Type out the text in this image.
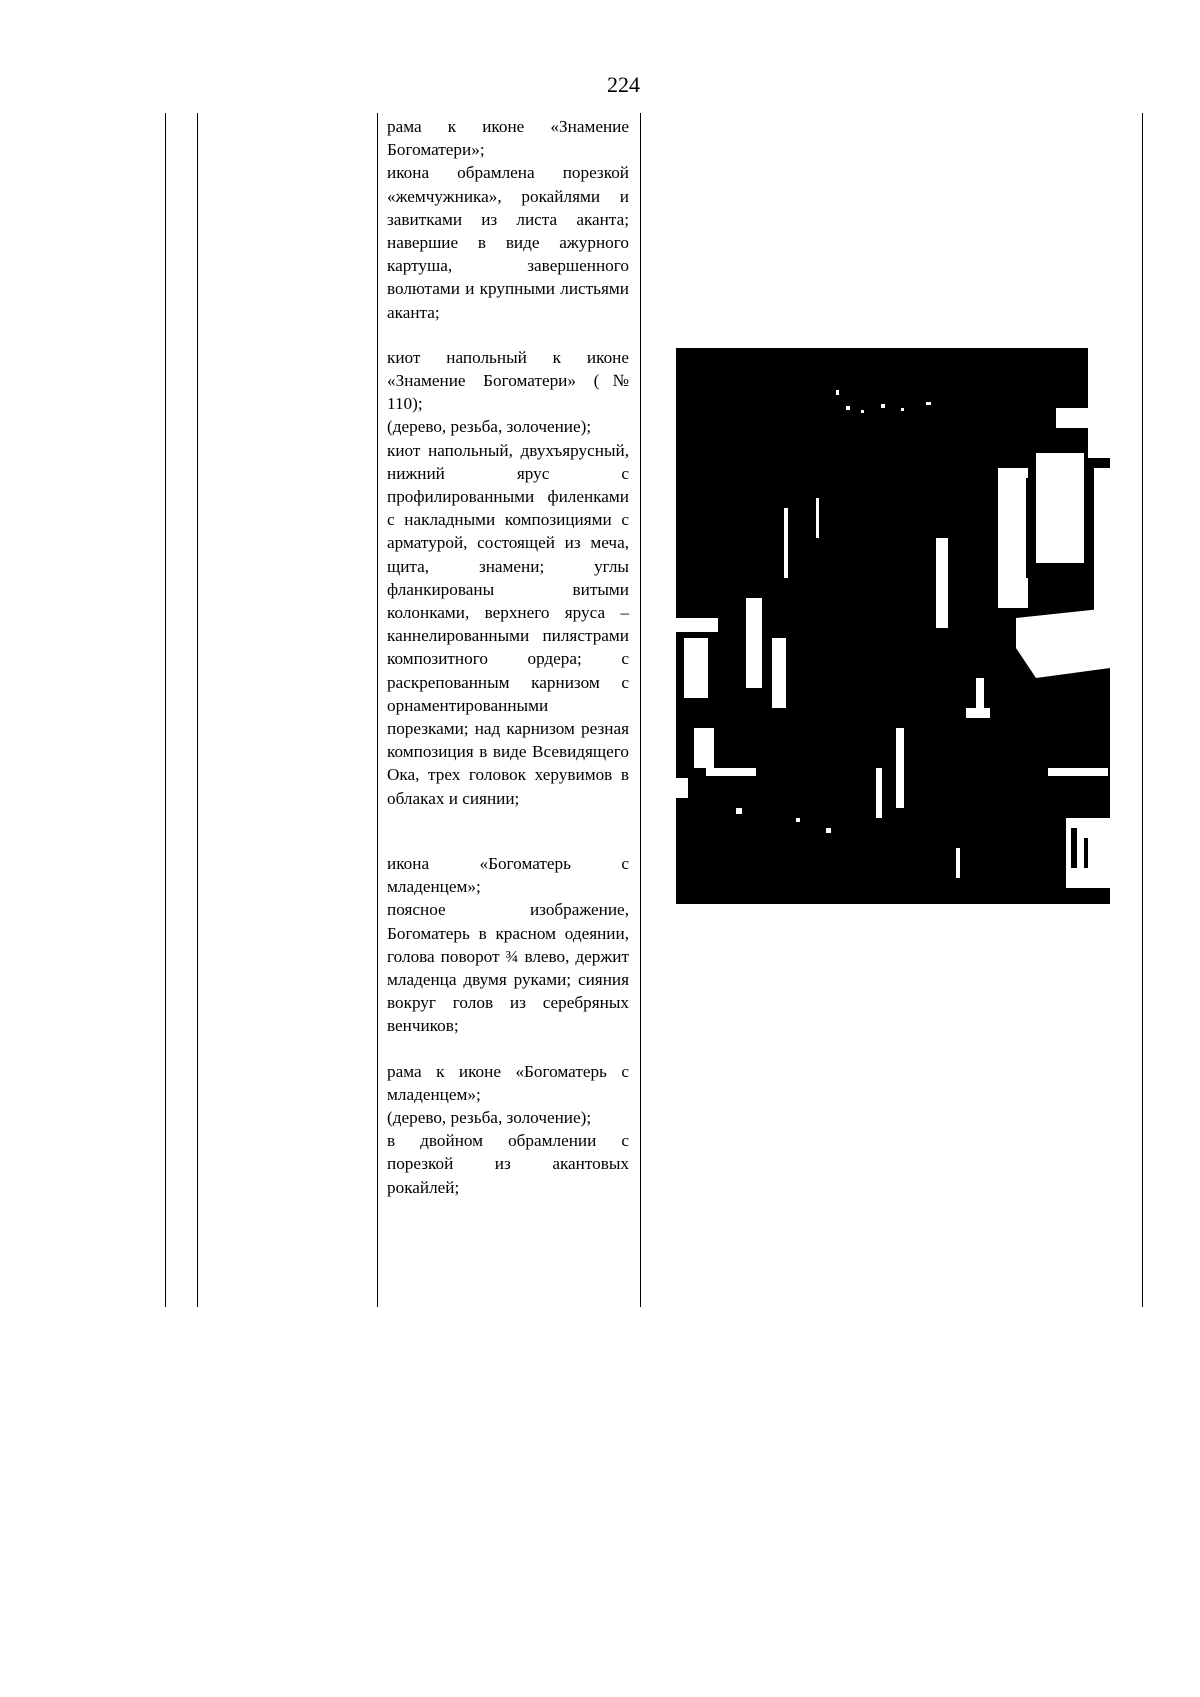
224

рама к иконе «Знамение Богоматери»;

икона обрамлена порезкой «жемчужника», рокайлями и завитками из листа аканта; навершие в виде ажурного картуша, завершенного волютами и крупными листьями аканта;

киот напольный к иконе «Знамение Богоматери» (№ 110);

(дерево, резьба, золочение);

киот напольный, двухъярусный, нижний ярус с профилированными филенками с накладными композициями с арматурой, состоящей из меча, щита, знамени; углы фланкированы витыми колонками, верхнего яруса – каннелированными пилястрами композитного ордера; с раскрепованным карнизом с орнаментированными порезками; над карнизом резная композиция в виде Всевидящего Ока, трех головок херувимов в облаках и сиянии;

икона «Богоматерь с младенцем»;

поясное изображение, Богоматерь в красном одеянии, голова поворот ¾ влево, держит младенца двумя руками; сияния вокруг голов из серебряных венчиков;

рама к иконе «Богоматерь с младенцем»;

(дерево, резьба, золочение);

в двойном обрамлении с порезкой из акантовых рокайлей;
